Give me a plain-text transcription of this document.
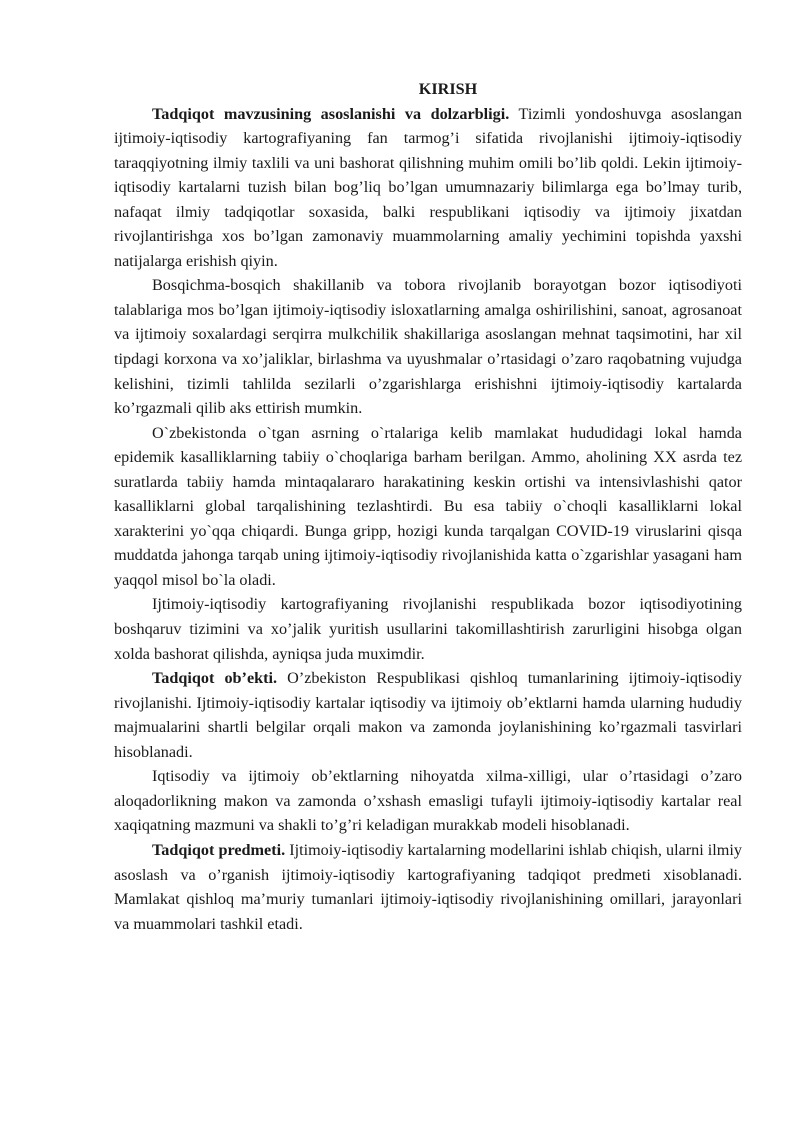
KIRISH

Tadqiqot mavzusining asoslanishi va dolzarbligi. Tizimli yondoshuvga asoslangan ijtimoiy-iqtisodiy kartografiyaning fan tarmog’i sifatida rivojlanishi ijtimoiy-iqtisodiy taraqqiyotning ilmiy taxlili va uni bashorat qilishning muhim omili bo’lib qoldi. Lekin ijtimoiy-iqtisodiy kartalarni tuzish bilan bog’liq bo’lgan umumnazariy bilimlarga ega bo’lmay turib, nafaqat ilmiy tadqiqotlar soxasida, balki respublikani iqtisodiy va ijtimoiy jixatdan rivojlantirishga xos bo’lgan zamonaviy muammolarning amaliy yechimini topishda yaxshi natijalarga erishish qiyin.

Bosqichma-bosqich shakillanib va tobora rivojlanib borayotgan bozor iqtisodiyoti talablariga mos bo’lgan ijtimoiy-iqtisodiy isloxatlarning amalga oshirilishini, sanoat, agrosanoat va ijtimoiy soxalardagi serqirra mulkchilik shakillariga asoslangan mehnat taqsimotini, har xil tipdagi korxona va xo’jaliklar, birlashma va uyushmalar o’rtasidagi o’zaro raqobatning vujudga kelishini, tizimli tahlilda sezilarli o’zgarishlarga erishishni ijtimoiy-iqtisodiy kartalarda ko’rgazmali qilib aks ettirish mumkin.

O`zbekistonda o`tgan asrning o`rtalariga kelib mamlakat hududidagi lokal hamda epidemik kasalliklarning tabiiy o`choqlariga barham berilgan. Ammo, aholining XX asrda tez suratlarda tabiiy hamda mintaqalararo harakatining keskin ortishi va intensivlashishi qator kasalliklarni global tarqalishining tezlashtirdi. Bu esa tabiiy o`choqli kasalliklarni lokal xarakterini yo`qqa chiqardi. Bunga gripp, hozigi kunda tarqalgan COVID-19 viruslarini qisqa muddatda jahonga tarqab uning ijtimoiy-iqtisodiy rivojlanishida katta o`zgarishlar yasagani ham yaqqol misol bo`la oladi.

Ijtimoiy-iqtisodiy kartografiyaning rivojlanishi respublikada bozor iqtisodiyotining boshqaruv tizimini va xo’jalik yuritish usullarini takomillashtirish zarurligini hisobga olgan xolda bashorat qilishda, ayniqsa juda muximdir.

Tadqiqot ob’ekti. O’zbekiston Respublikasi qishloq tumanlarining ijtimoiy-iqtisodiy rivojlanishi. Ijtimoiy-iqtisodiy kartalar iqtisodiy va ijtimoiy ob’ektlarni hamda ularning hududiy majmualarini shartli belgilar orqali makon va zamonda joylanishining ko’rgazmali tasvirlari hisoblanadi.

Iqtisodiy va ijtimoiy ob’ektlarning nihoyatda xilma-xilligi, ular o’rtasidagi o’zaro aloqadorlikning makon va zamonda o’xshash emasligi tufayli ijtimoiy-iqtisodiy kartalar real xaqiqatning mazmuni va shakli to’g’ri keladigan murakkab modeli hisoblanadi.

Tadqiqot predmeti. Ijtimoiy-iqtisodiy kartalarning modellarini ishlab chiqish, ularni ilmiy asoslash va o’rganish ijtimoiy-iqtisodiy kartografiyaning tadqiqot predmeti xisoblanadi. Mamlakat qishloq ma’muriy tumanlari ijtimoiy-iqtisodiy rivojlanishining omillari, jarayonlari va muammolari tashkil etadi.
